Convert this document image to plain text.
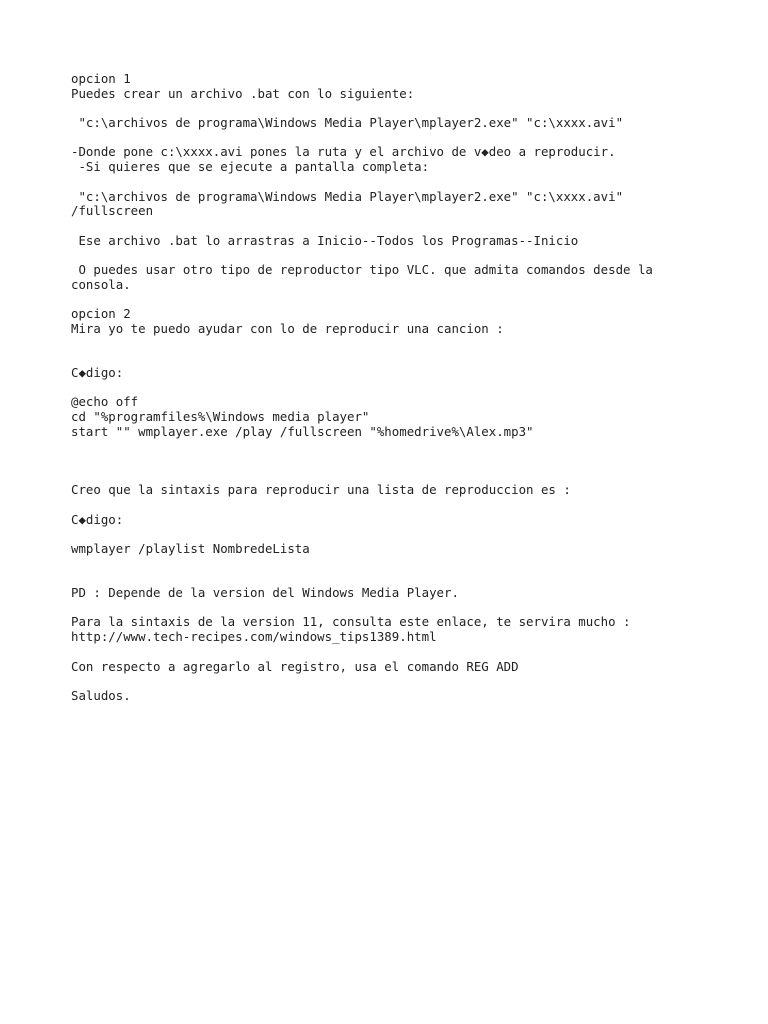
opcion 1
Puedes crear un archivo .bat con lo siguiente:
"c:\archivos de programa\Windows Media Player\mplayer2.exe" "c:\xxxx.avi"
-Donde pone c:\xxxx.avi pones la ruta y el archivo de v◆deo a reproducir.
-Si quieres que se ejecute a pantalla completa:
"c:\archivos de programa\Windows Media Player\mplayer2.exe" "c:\xxxx.avi"
/fullscreen
Ese archivo .bat lo arrastras a Inicio--Todos los Programas--Inicio
O puedes usar otro tipo de reproductor tipo VLC. que admita comandos desde la
consola.
opcion 2
Mira yo te puedo ayudar con lo de reproducir una cancion :
C◆digo:
@echo off
cd "%programfiles%\Windows media player"
start "" wmplayer.exe /play /fullscreen "%homedrive%\Alex.mp3"
Creo que la sintaxis para reproducir una lista de reproduccion es :
C◆digo:
wmplayer /playlist NombredeLista
PD : Depende de la version del Windows Media Player.
Para la sintaxis de la version 11, consulta este enlace, te servira mucho :
http://www.tech-recipes.com/windows_tips1389.html
Con respecto a agregarlo al registro, usa el comando REG ADD
Saludos.
